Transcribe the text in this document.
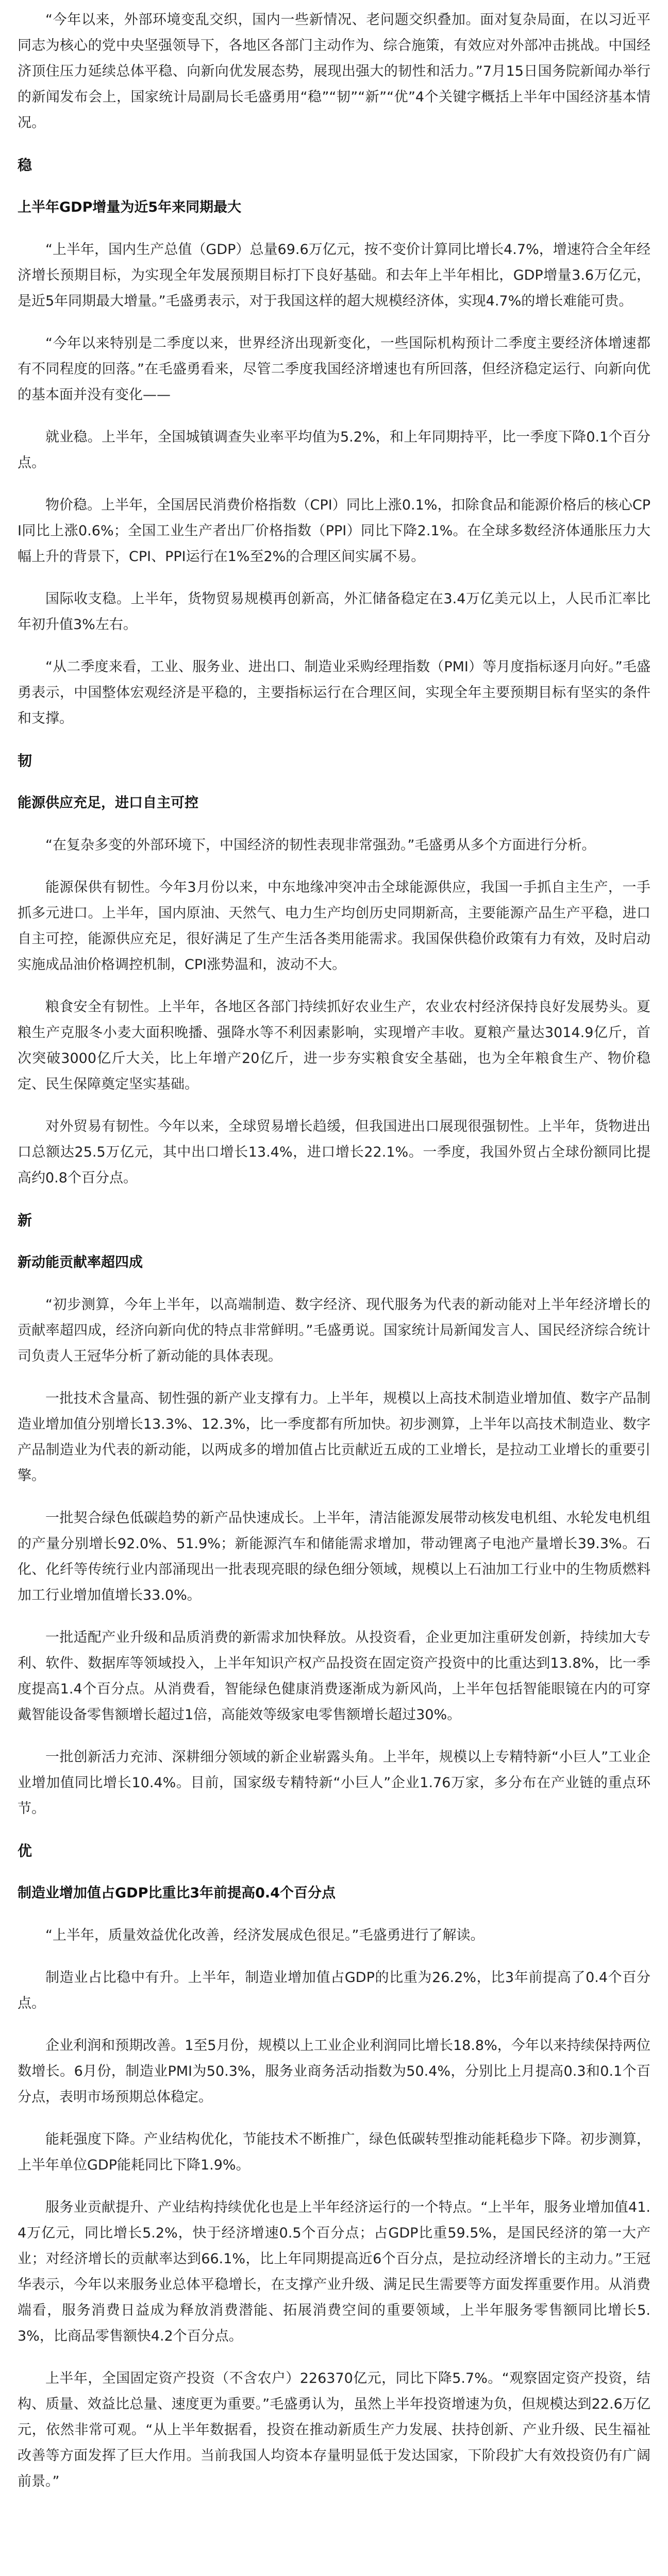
“今年以来，外部环境变乱交织，国内一些新情况、老问题交织叠加。面对复杂局面，在以习近平同志为核心的党中央坚强领导下，各地区各部门主动作为、综合施策，有效应对外部冲击挑战。中国经济顶住压力延续总体平稳、向新向优发展态势，展现出强大的韧性和活力。”7月15日国务院新闻办举行的新闻发布会上，国家统计局副局长毛盛勇用“稳”“韧”“新”“优”4个关键字概括上半年中国经济基本情况。

稳
上半年GDP增量为近5年来同期最大

“上半年，国内生产总值（GDP）总量69.6万亿元，按不变价计算同比增长4.7%，增速符合全年经济增长预期目标，为实现全年发展预期目标打下良好基础。和去年上半年相比，GDP增量3.6万亿元，是近5年同期最大增量。”毛盛勇表示，对于我国这样的超大规模经济体，实现4.7%的增长难能可贵。

“今年以来特别是二季度以来，世界经济出现新变化，一些国际机构预计二季度主要经济体增速都有不同程度的回落。”在毛盛勇看来，尽管二季度我国经济增速也有所回落，但经济稳定运行、向新向优的基本面并没有变化——

就业稳。上半年，全国城镇调查失业率平均值为5.2%，和上年同期持平，比一季度下降0.1个百分点。

物价稳。上半年，全国居民消费价格指数（CPI）同比上涨0.1%，扣除食品和能源价格后的核心CPI同比上涨0.6%；全国工业生产者出厂价格指数（PPI）同比下降2.1%。在全球多数经济体通胀压力大幅上升的背景下，CPI、PPI运行在1%至2%的合理区间实属不易。

国际收支稳。上半年，货物贸易规模再创新高，外汇储备稳定在3.4万亿美元以上，人民币汇率比年初升值3%左右。

“从二季度来看，工业、服务业、进出口、制造业采购经理指数（PMI）等月度指标逐月向好。”毛盛勇表示，中国整体宏观经济是平稳的，主要指标运行在合理区间，实现全年主要预期目标有坚实的条件和支撑。

韧
能源供应充足，进口自主可控

“在复杂多变的外部环境下，中国经济的韧性表现非常强劲。”毛盛勇从多个方面进行分析。

能源保供有韧性。今年3月份以来，中东地缘冲突冲击全球能源供应，我国一手抓自主生产，一手抓多元进口。上半年，国内原油、天然气、电力生产均创历史同期新高，主要能源产品生产平稳，进口自主可控，能源供应充足，很好满足了生产生活各类用能需求。我国保供稳价政策有力有效，及时启动实施成品油价格调控机制，CPI涨势温和，波动不大。

粮食安全有韧性。上半年，各地区各部门持续抓好农业生产，农业农村经济保持良好发展势头。夏粮生产克服冬小麦大面积晚播、强降水等不利因素影响，实现增产丰收。夏粮产量达3014.9亿斤，首次突破3000亿斤大关，比上年增产20亿斤，进一步夯实粮食安全基础，也为全年粮食生产、物价稳定、民生保障奠定坚实基础。

对外贸易有韧性。今年以来，全球贸易增长趋缓，但我国进出口展现很强韧性。上半年，货物进出口总额达25.5万亿元，其中出口增长13.4%，进口增长22.1%。一季度，我国外贸占全球份额同比提高约0.8个百分点。

新
新动能贡献率超四成

“初步测算，今年上半年，以高端制造、数字经济、现代服务为代表的新动能对上半年经济增长的贡献率超四成，经济向新向优的特点非常鲜明。”毛盛勇说。国家统计局新闻发言人、国民经济综合统计司负责人王冠华分析了新动能的具体表现。

一批技术含量高、韧性强的新产业支撑有力。上半年，规模以上高技术制造业增加值、数字产品制造业增加值分别增长13.3%、12.3%，比一季度都有所加快。初步测算，上半年以高技术制造业、数字产品制造业为代表的新动能，以两成多的增加值占比贡献近五成的工业增长，是拉动工业增长的重要引擎。

一批契合绿色低碳趋势的新产品快速成长。上半年，清洁能源发展带动核发电机组、水轮发电机组的产量分别增长92.0%、51.9%；新能源汽车和储能需求增加，带动锂离子电池产量增长39.3%。石化、化纤等传统行业内部涌现出一批表现亮眼的绿色细分领域，规模以上石油加工行业中的生物质燃料加工行业增加值增长33.0%。

一批适配产业升级和品质消费的新需求加快释放。从投资看，企业更加注重研发创新，持续加大专利、软件、数据库等领域投入，上半年知识产权产品投资在固定资产投资中的比重达到13.8%，比一季度提高1.4个百分点。从消费看，智能绿色健康消费逐渐成为新风尚，上半年包括智能眼镜在内的可穿戴智能设备零售额增长超过1倍，高能效等级家电零售额增长超过30%。

一批创新活力充沛、深耕细分领域的新企业崭露头角。上半年，规模以上专精特新“小巨人”工业企业增加值同比增长10.4%。目前，国家级专精特新“小巨人”企业1.76万家，多分布在产业链的重点环节。

优
制造业增加值占GDP比重比3年前提高0.4个百分点

“上半年，质量效益优化改善，经济发展成色很足。”毛盛勇进行了解读。

制造业占比稳中有升。上半年，制造业增加值占GDP的比重为26.2%，比3年前提高了0.4个百分点。

企业利润和预期改善。1至5月份，规模以上工业企业利润同比增长18.8%，今年以来持续保持两位数增长。6月份，制造业PMI为50.3%，服务业商务活动指数为50.4%，分别比上月提高0.3和0.1个百分点，表明市场预期总体稳定。

能耗强度下降。产业结构优化，节能技术不断推广，绿色低碳转型推动能耗稳步下降。初步测算，上半年单位GDP能耗同比下降1.9%。

服务业贡献提升、产业结构持续优化也是上半年经济运行的一个特点。“上半年，服务业增加值41.4万亿元，同比增长5.2%，快于经济增速0.5个百分点；占GDP比重59.5%，是国民经济的第一大产业；对经济增长的贡献率达到66.1%，比上年同期提高近6个百分点，是拉动经济增长的主动力。”王冠华表示，今年以来服务业总体平稳增长，在支撑产业升级、满足民生需要等方面发挥重要作用。从消费端看，服务消费日益成为释放消费潜能、拓展消费空间的重要领域，上半年服务零售额同比增长5.3%，比商品零售额快4.2个百分点。

上半年，全国固定资产投资（不含农户）226370亿元，同比下降5.7%。“观察固定资产投资，结构、质量、效益比总量、速度更为重要。”毛盛勇认为，虽然上半年投资增速为负，但规模达到22.6万亿元，依然非常可观。“从上半年数据看，投资在推动新质生产力发展、扶持创新、产业升级、民生福祉改善等方面发挥了巨大作用。当前我国人均资本存量明显低于发达国家，下阶段扩大有效投资仍有广阔前景。”
